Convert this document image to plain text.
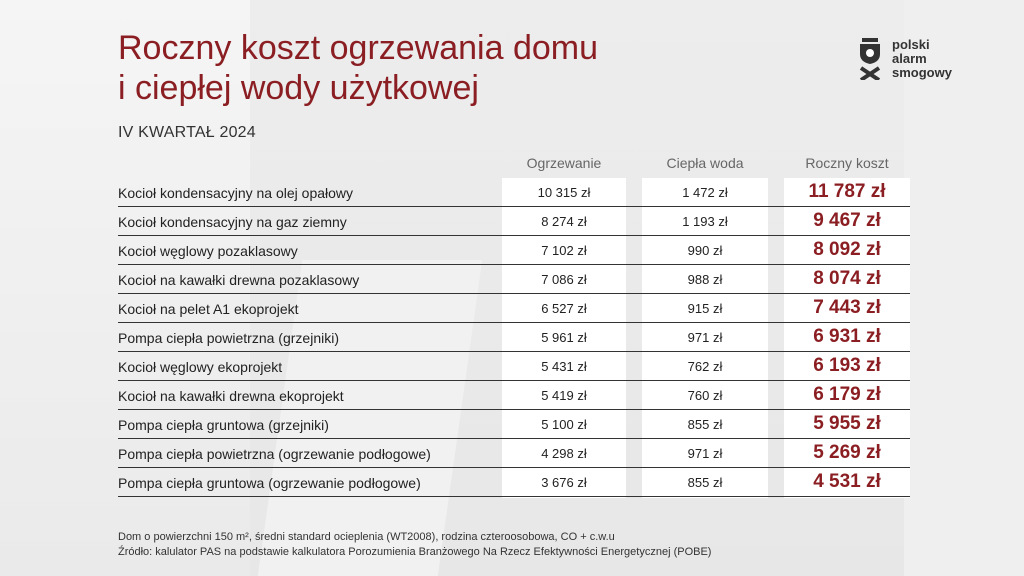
Roczny koszt ogrzewania domu
i ciepłej wody użytkowej
IV KWARTAŁ 2024
polski
alarm
smogowy
Ogrzewanie	Ciepła woda	Roczny koszt
Kocioł kondensacyjny na olej opałowy	10 315 zł	1 472 zł	11 787 zł
Kocioł kondensacyjny na gaz ziemny	8 274 zł	1 193 zł	9 467 zł
Kocioł węglowy pozaklasowy	7 102 zł	990 zł	8 092 zł
Kocioł na kawałki drewna pozaklasowy	7 086 zł	988 zł	8 074 zł
Kocioł na pelet A1 ekoprojekt	6 527 zł	915 zł	7 443 zł
Pompa ciepła powietrzna (grzejniki)	5 961 zł	971 zł	6 931 zł
Kocioł węglowy ekoprojekt	5 431 zł	762 zł	6 193 zł
Kocioł na kawałki drewna ekoprojekt	5 419 zł	760 zł	6 179 zł
Pompa ciepła gruntowa (grzejniki)	5 100 zł	855 zł	5 955 zł
Pompa ciepła powietrzna (ogrzewanie podłogowe)	4 298 zł	971 zł	5 269 zł
Pompa ciepła gruntowa (ogrzewanie podłogowe)	3 676 zł	855 zł	4 531 zł
Dom o powierzchni 150 m², średni standard ocieplenia (WT2008), rodzina czteroosobowa, CO + c.w.u
Źródło: kalulator PAS na podstawie kalkulatora Porozumienia Branżowego Na Rzecz Efektywności Energetycznej (POBE)
